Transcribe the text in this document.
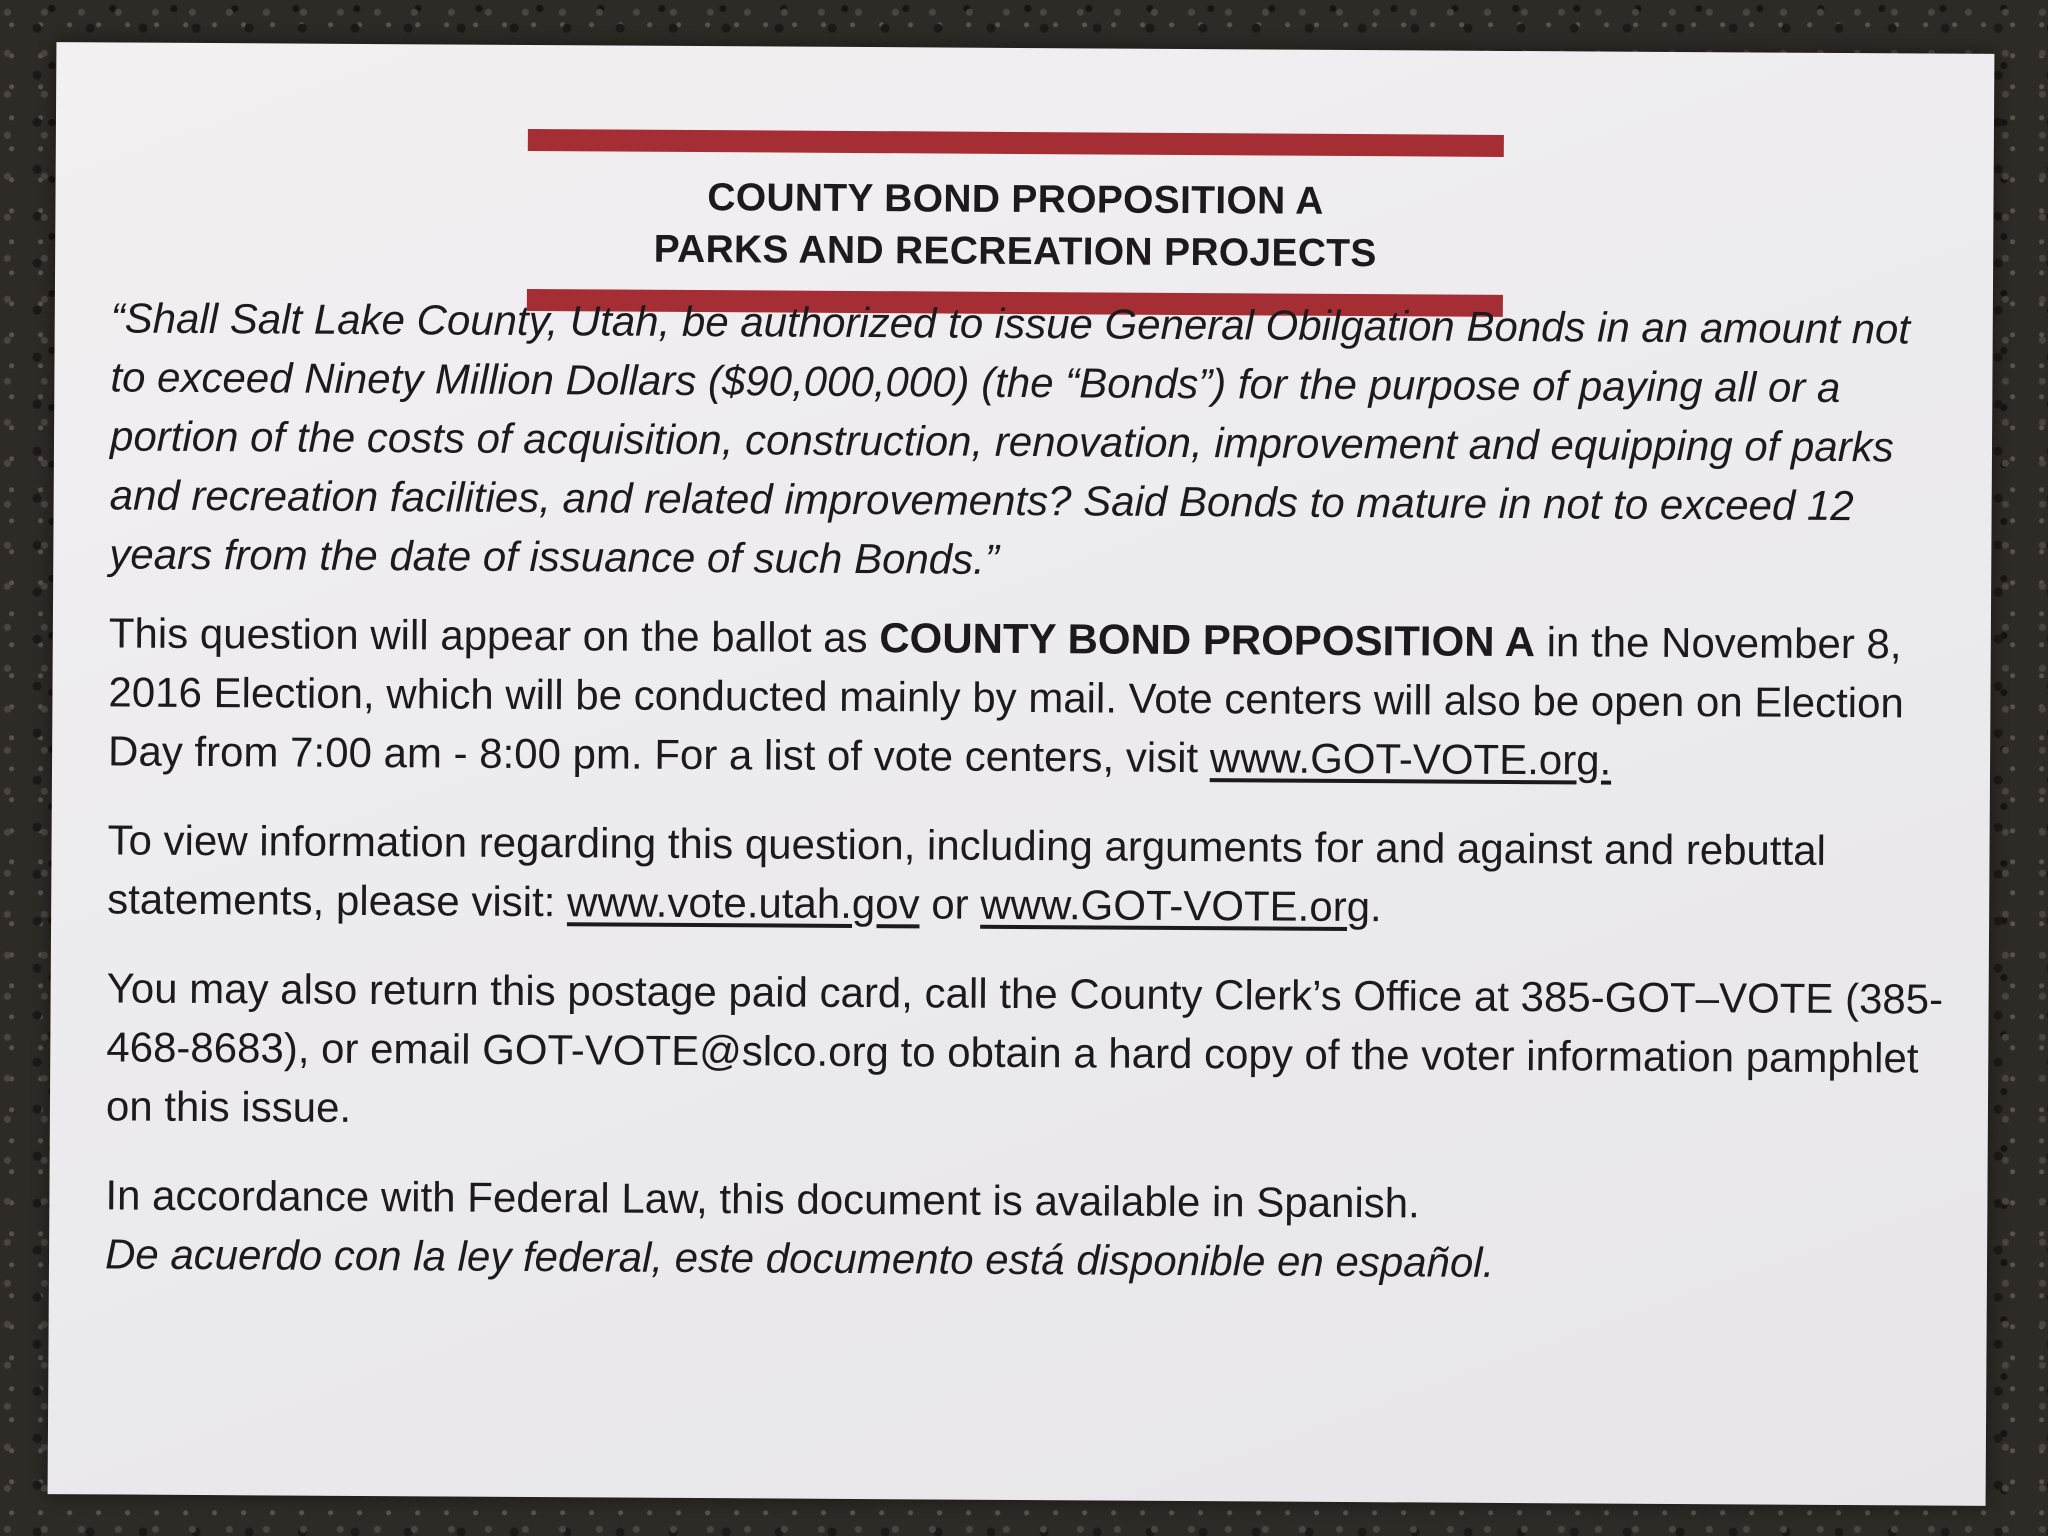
COUNTY BOND PROPOSITION A
PARKS AND RECREATION PROJECTS

“Shall Salt Lake County, Utah, be authorized to issue General Obilgation Bonds in an amount not to exceed Ninety Million Dollars ($90,000,000) (the “Bonds”) for the purpose of paying all or a portion of the costs of acquisition, construction, renovation, improvement and equipping of parks and recreation facilities, and related improvements? Said Bonds to mature in not to exceed 12 years from the date of issuance of such Bonds.”

This question will appear on the ballot as COUNTY BOND PROPOSITION A in the November 8, 2016 Election, which will be conducted mainly by mail. Vote centers will also be open on Election Day from 7:00 am - 8:00 pm. For a list of vote centers, visit www.GOT-VOTE.org.

To view information regarding this question, including arguments for and against and rebuttal statements, please visit: www.vote.utah.gov or www.GOT-VOTE.org.

You may also return this postage paid card, call the County Clerk’s Office at 385-GOT–VOTE (385-468-8683), or email GOT-VOTE@slco.org to obtain a hard copy of the voter information pamphlet on this issue.

In accordance with Federal Law, this document is available in Spanish.
De acuerdo con la ley federal, este documento está disponible en español.
